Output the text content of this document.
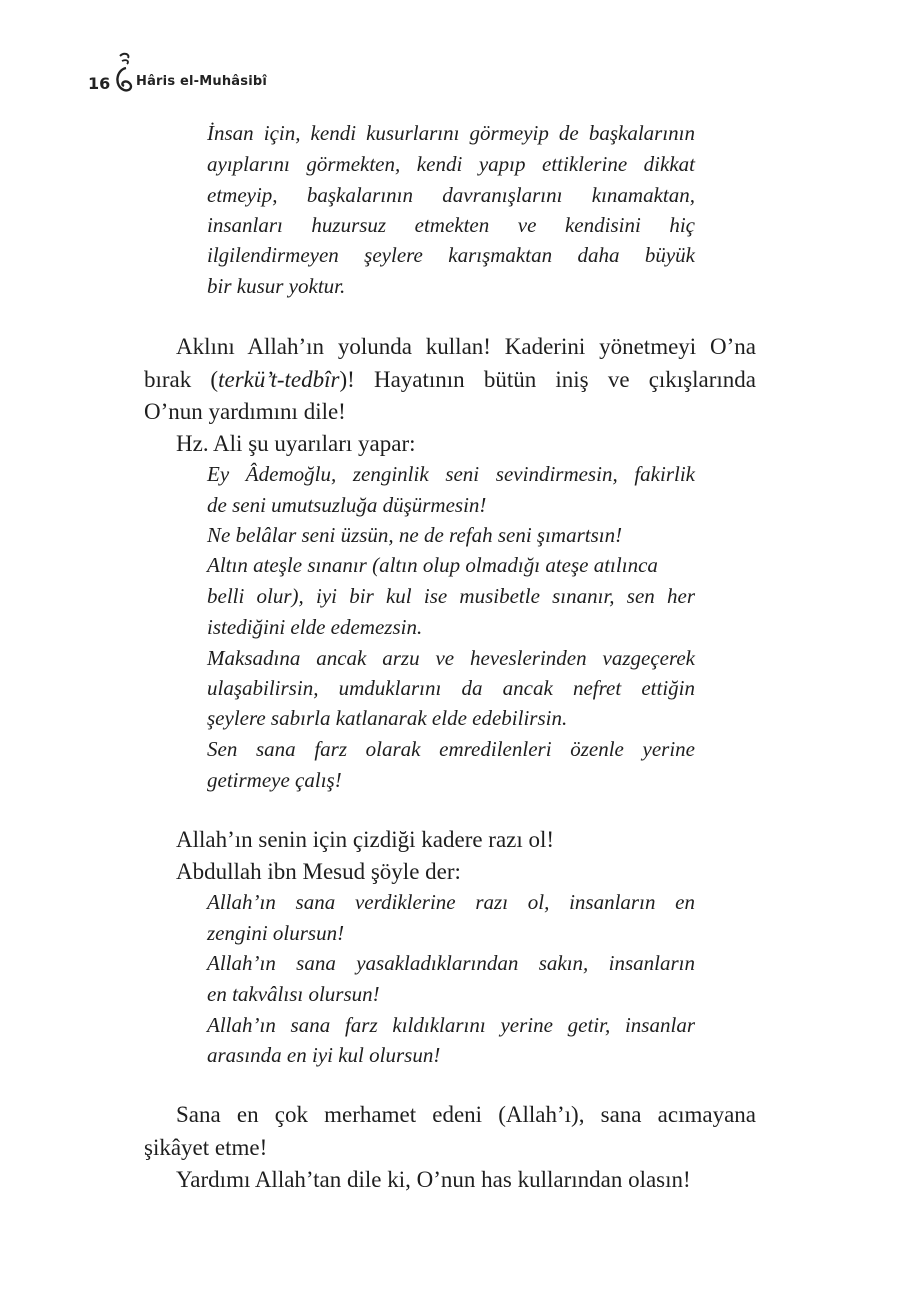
16 Hâris el-Muhâsibî
İnsan için, kendi kusurlarını görmeyip de başkalarının
ayıplarını görmekten, kendi yapıp ettiklerine dikkat
etmeyip, başkalarının davranışlarını kınamaktan,
insanları huzursuz etmekten ve kendisini hiç
ilgilendirmeyen şeylere karışmaktan daha büyük
bir kusur yoktur.
Aklını Allah’ın yolunda kullan! Kaderini yönetmeyi O’na
bırak (terkü’t-tedbîr)! Hayatının bütün iniş ve çıkışlarında
O’nun yardımını dile!
Hz. Ali şu uyarıları yapar:
Ey Âdemoğlu, zenginlik seni sevindirmesin, fakirlik
de seni umutsuzluğa düşürmesin!
Ne belâlar seni üzsün, ne de refah seni şımartsın!
Altın ateşle sınanır (altın olup olmadığı ateşe atılınca
belli olur), iyi bir kul ise musibetle sınanır, sen her
istediğini elde edemezsin.
Maksadına ancak arzu ve heveslerinden vazgeçerek
ulaşabilirsin, umduklarını da ancak nefret ettiğin
şeylere sabırla katlanarak elde edebilirsin.
Sen sana farz olarak emredilenleri özenle yerine
getirmeye çalış!
Allah’ın senin için çizdiği kadere razı ol!
Abdullah ibn Mesud şöyle der:
Allah’ın sana verdiklerine razı ol, insanların en
zengini olursun!
Allah’ın sana yasakladıklarından sakın, insanların
en takvâlısı olursun!
Allah’ın sana farz kıldıklarını yerine getir, insanlar
arasında en iyi kul olursun!
Sana en çok merhamet edeni (Allah’ı), sana acımayana
şikâyet etme!
Yardımı Allah’tan dile ki, O’nun has kullarından olasın!
